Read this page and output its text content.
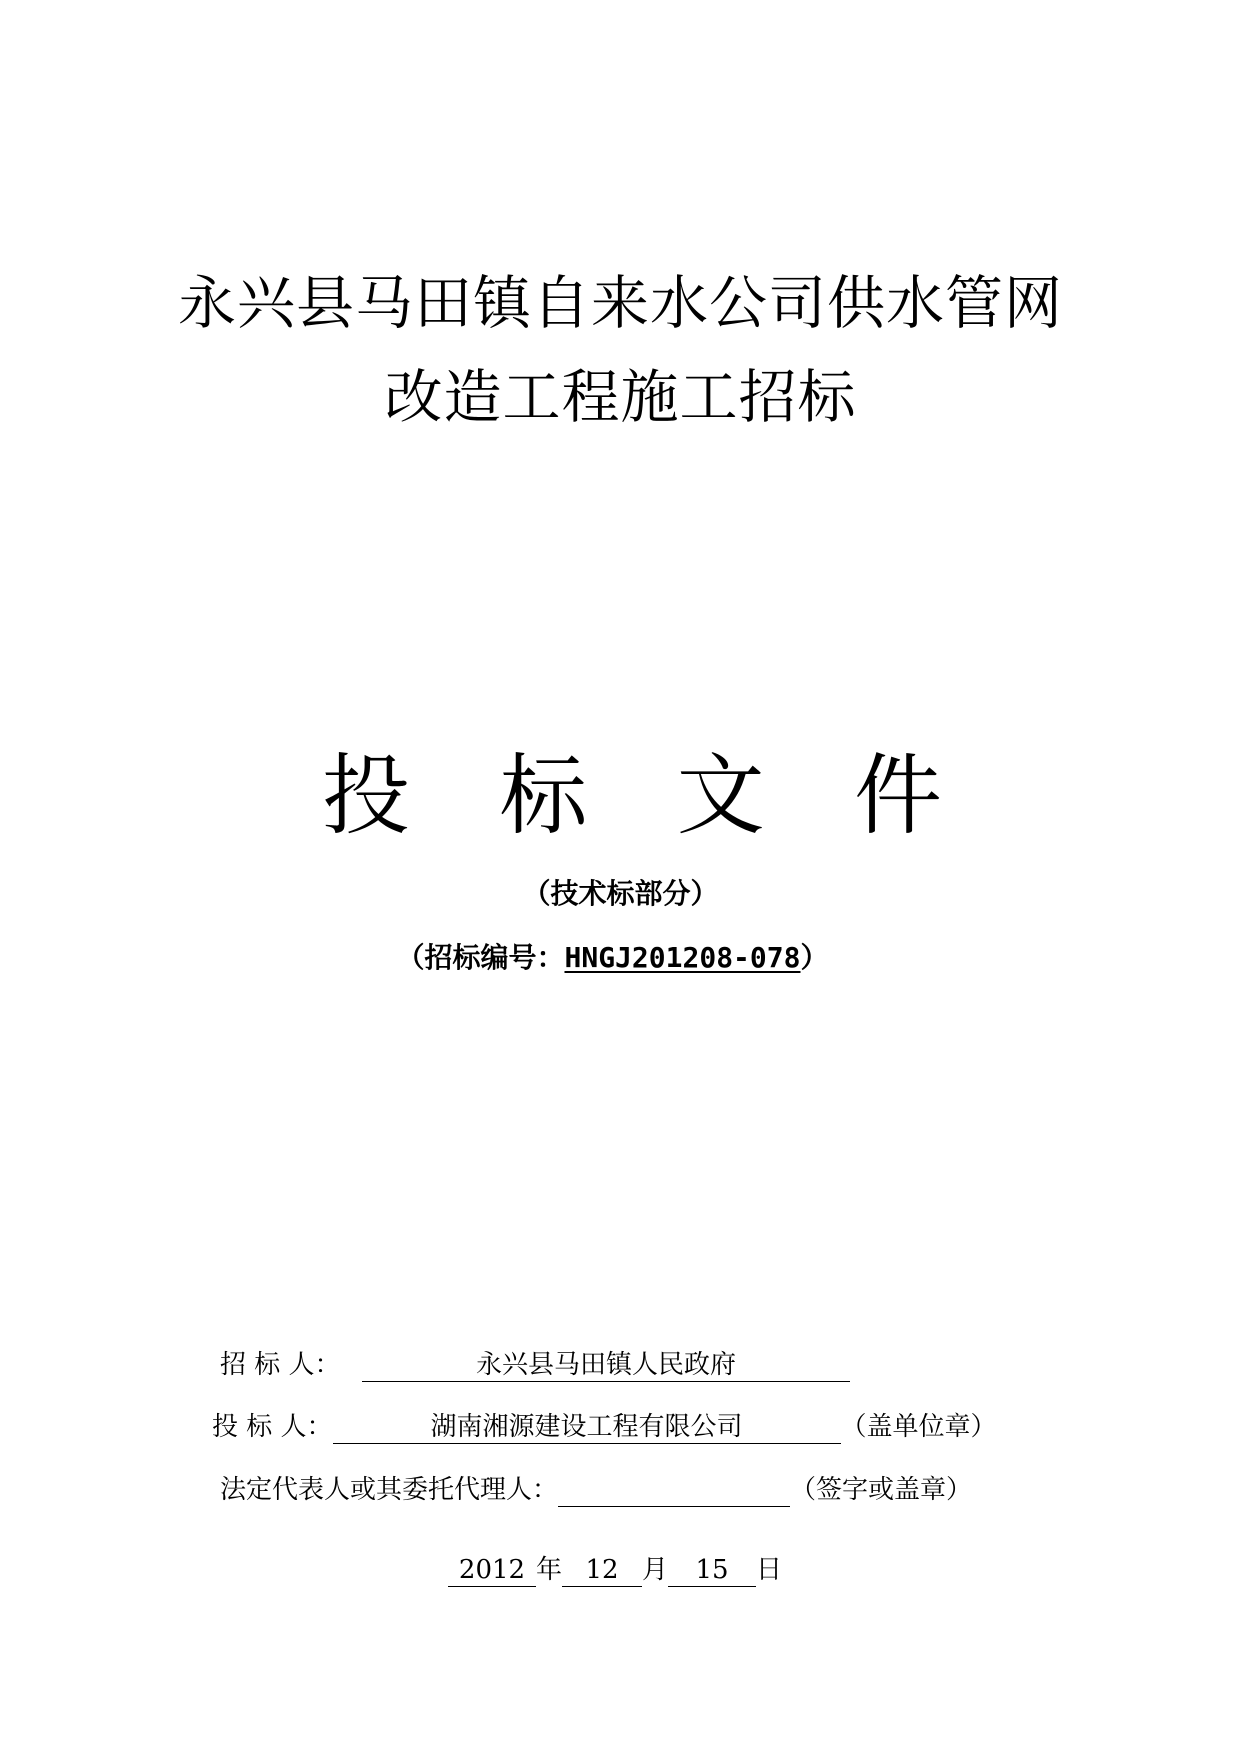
永兴县马田镇自来水公司供水管网
改造工程施工招标
投 标 文 件
（技术标部分）
（招标编号：HNGJ201208-078）
招 标 人：	永兴县马田镇人民政府
投 标 人：	湖南湘源建设工程有限公司	（盖单位章）
法定代表人或其委托代理人：	（签字或盖章）
2012 年 12 月	15	日
